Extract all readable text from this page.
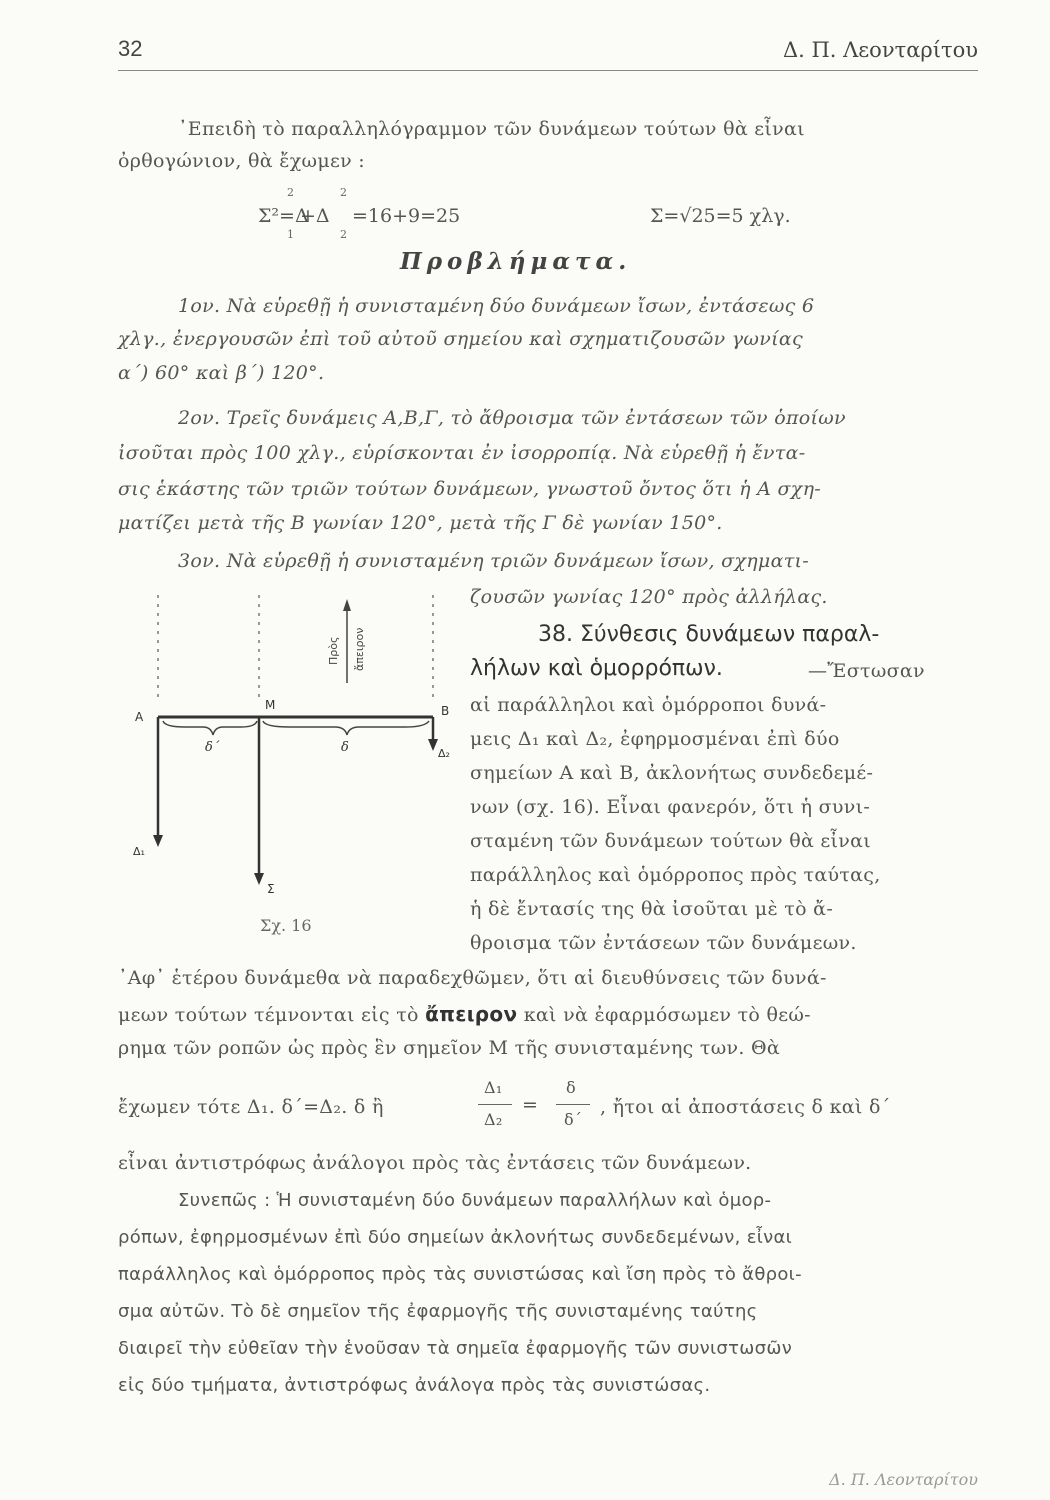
32	Δ. Π. Λεονταρίτου
᾽Επειδὴ τὸ παραλληλόγραμμον τῶν δυνάμεων τούτων θὰ εἶναι
ὀρθογώνιον, θὰ ἔχωμεν :
Σ²=Δ
2
1
+Δ
2
2
=16+9=25	Σ=√25=5 χλγ.
Προβλήματα.
1ον. Νὰ εὑρεθῇ ἡ συνισταμένη δύο δυνάμεων ἴσων, ἐντάσεως 6
χλγ., ἐνεργουσῶν ἐπὶ τοῦ αὐτοῦ σημείου καὶ σχηματιζουσῶν γωνίας
α΄) 60° καὶ β΄) 120°.
2ον. Τρεῖς δυνάμεις Α,Β,Γ, τὸ ἄθροισμα τῶν ἐντάσεων τῶν ὁποίων
ἰσοῦται πρὸς 100 χλγ., εὑρίσκονται ἐν ἰσορροπίᾳ. Νὰ εὑρεθῇ ἡ ἔντα-
σις ἑκάστης τῶν τριῶν τούτων δυνάμεων, γνωστοῦ ὄντος ὅτι ἡ Α σχη-
ματίζει μετὰ τῆς Β γωνίαν 120°, μετὰ τῆς Γ δὲ γωνίαν 150°.
3ον. Νὰ εὑρεθῇ ἡ συνισταμένη τριῶν δυνάμεων ἴσων, σχηματι-
ζουσῶν γωνίας 120° πρὸς ἀλλήλας.
Πρὸς ἄπειρον
Α
Μ	Β
δ΄	δ	Δ₂
Δ₁
Σ
Σχ. 16
38. Σύνθεσις δυνάμεων παραλ-
λήλων καὶ ὁμορρόπων.	—Ἔστωσαν
αἱ παράλληλοι καὶ ὁμόρροποι δυνά-
μεις Δ₁ καὶ Δ₂, ἐφηρμοσμέναι ἐπὶ δύο
σημείων Α καὶ Β, ἀκλονήτως συνδεδεμέ-
νων (σχ. 16). Εἶναι φανερόν, ὅτι ἡ συνι-
σταμένη τῶν δυνάμεων τούτων θὰ εἶναι
παράλληλος καὶ ὁμόρροπος πρὸς ταύτας,
ἡ δὲ ἔντασίς της θὰ ἰσοῦται μὲ τὸ ἄ-
θροισμα τῶν ἐντάσεων τῶν δυνάμεων.
᾽Αφ᾽ ἑτέρου δυνάμεθα νὰ παραδεχθῶμεν, ὅτι αἱ διευθύνσεις τῶν δυνά-
μεων τούτων τέμνονται εἰς τὸ ἄπειρον καὶ νὰ ἐφαρμόσωμεν τὸ θεώ-
ρημα τῶν ροπῶν ὡς πρὸς ἓν σημεῖον Μ τῆς συνισταμένης των. Θὰ
ἔχωμεν τότε Δ₁. δ΄=Δ₂. δ ἢ
Δ₁
Δ₂
=
δ
δ΄
, ἤτοι αἱ ἀποστάσεις δ καὶ δ΄
εἶναι ἀντιστρόφως ἀνάλογοι πρὸς τὰς ἐντάσεις τῶν δυνάμεων.
Συνεπῶς : Ἡ συνισταμένη δύο δυνάμεων παραλλήλων καὶ ὁμορ-
ρόπων, ἐφηρμοσμένων ἐπὶ δύο σημείων ἀκλονήτως συνδεδεμένων, εἶναι
παράλληλος καὶ ὁμόρροπος πρὸς τὰς συνιστώσας καὶ ἴση πρὸς τὸ ἄθροι-
σμα αὐτῶν. Τὸ δὲ σημεῖον τῆς ἐφαρμογῆς τῆς συνισταμένης ταύτης
διαιρεῖ τὴν εὐθεῖαν τὴν ἑνοῦσαν τὰ σημεῖα ἐφαρμογῆς τῶν συνιστωσῶν
εἰς δύο τμήματα, ἀντιστρόφως ἀνάλογα πρὸς τὰς συνιστώσας.
Δ. Π. Λεονταρίτου
